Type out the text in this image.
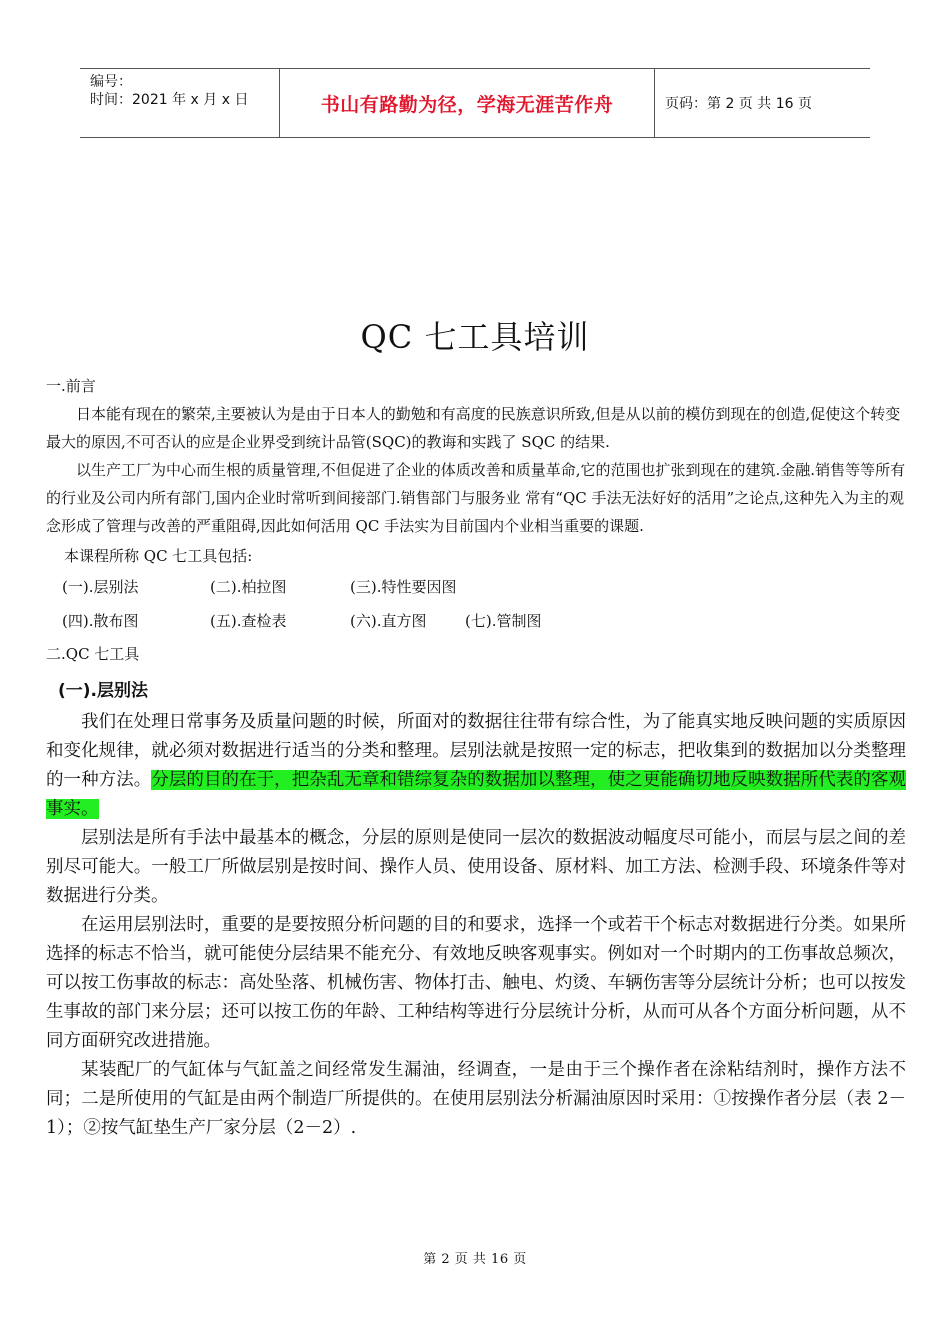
编号：
时间：2021 年 x 月 x 日	书山有路勤为径，学海无涯苦作舟	页码：第 2 页 共 16 页
QC 七工具培训

一.前言

日本能有现在的繁荣,主要被认为是由于日本人的勤勉和有高度的民族意识所致,但是从以前的模仿到现在的创造,促使这个转变最大的原因,不可否认的应是企业界受到统计品管(SQC)的教诲和实践了 SQC 的结果.

以生产工厂为中心而生根的质量管理,不但促进了企业的体质改善和质量革命,它的范围也扩张到现在的建筑.金融.销售等等所有的行业及公司内所有部门,国内企业时常听到间接部门.销售部门与服务业 常有“QC 手法无法好好的活用”之论点,这种先入为主的观念形成了管理与改善的严重阻碍,因此如何活用 QC 手法实为目前国内个业相当重要的课题.

本课程所称 QC 七工具包括:

(一).层别法	(二).柏拉图	(三).特性要因图
(四).散布图	(五).查检表	(六).直方图	(七).管制图

二.QC 七工具

(一).层别法

我们在处理日常事务及质量问题的时候，所面对的数据往往带有综合性，为了能真实地反映问题的实质原因和变化规律，就必须对数据进行适当的分类和整理。层别法就是按照一定的标志，把收集到的数据加以分类整理的一种方法。分层的目的在于，把杂乱无章和错综复杂的数据加以整理，使之更能确切地反映数据所代表的客观事实。

层别法是所有手法中最基本的概念，分层的原则是使同一层次的数据波动幅度尽可能小，而层与层之间的差别尽可能大。一般工厂所做层别是按时间、操作人员、使用设备、原材料、加工方法、检测手段、环境条件等对数据进行分类。

在运用层别法时，重要的是要按照分析问题的目的和要求，选择一个或若干个标志对数据进行分类。如果所选择的标志不恰当，就可能使分层结果不能充分、有效地反映客观事实。例如对一个时期内的工伤事故总频次，可以按工伤事故的标志：高处坠落、机械伤害、物体打击、触电、灼烫、车辆伤害等分层统计分析；也可以按发生事故的部门来分层；还可以按工伤的年龄、工种结构等进行分层统计分析，从而可从各个方面分析问题，从不同方面研究改进措施。

某装配厂的气缸体与气缸盖之间经常发生漏油，经调查，一是由于三个操作者在涂粘结剂时，操作方法不同；二是所使用的气缸是由两个制造厂所提供的。在使用层别法分析漏油原因时采用：①按操作者分层（表 2－1）；②按气缸垫生产厂家分层（2－2）.

第 2 页 共 16 页
